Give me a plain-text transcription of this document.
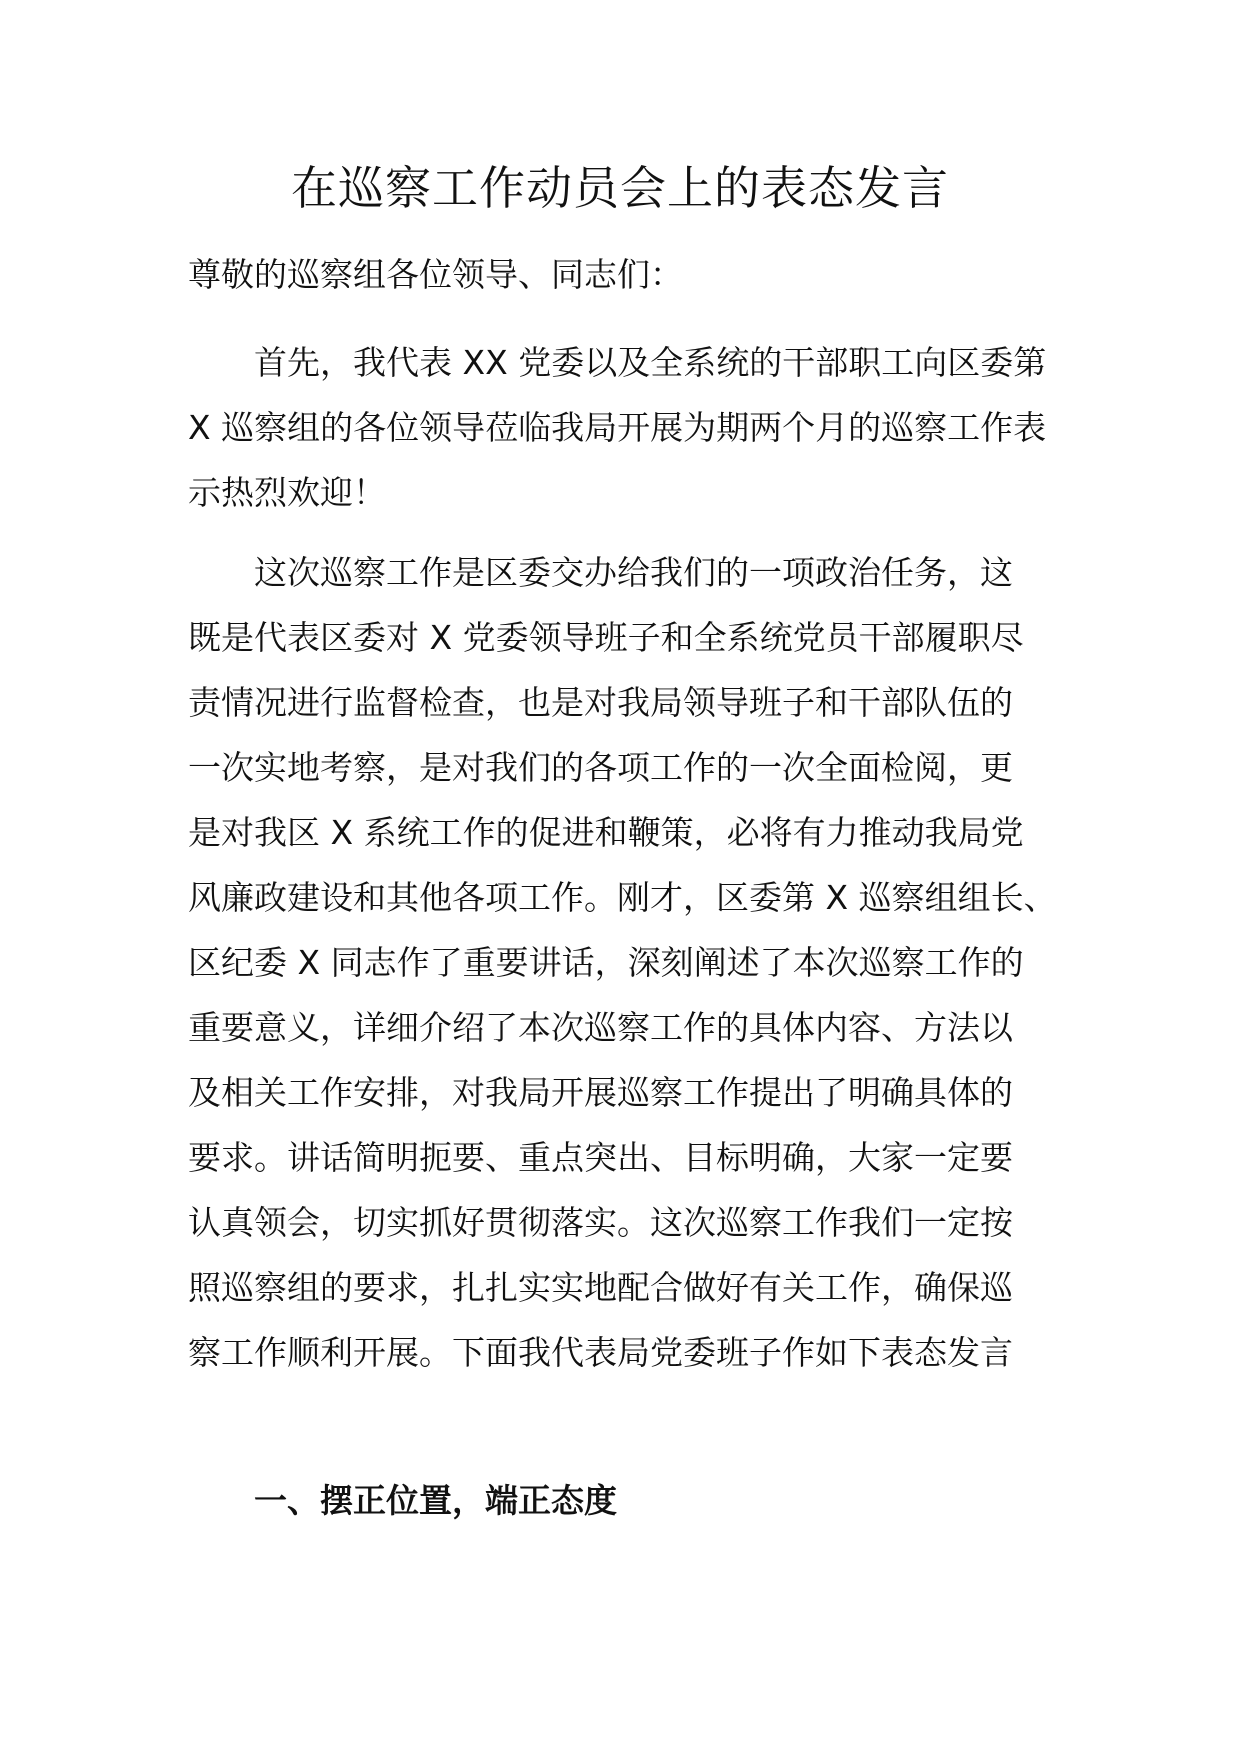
在巡察工作动员会上的表态发言
尊敬的巡察组各位领导、同志们：
首先，我代表 XX 党委以及全系统的干部职工向区委第
X 巡察组的各位领导莅临我局开展为期两个月的巡察工作表
示热烈欢迎！
这次巡察工作是区委交办给我们的一项政治任务，这
既是代表区委对 X 党委领导班子和全系统党员干部履职尽
责情况进行监督检查，也是对我局领导班子和干部队伍的
一次实地考察，是对我们的各项工作的一次全面检阅，更
是对我区 X 系统工作的促进和鞭策，必将有力推动我局党
风廉政建设和其他各项工作。刚才，区委第 X 巡察组组长、
区纪委 X 同志作了重要讲话，深刻阐述了本次巡察工作的
重要意义，详细介绍了本次巡察工作的具体内容、方法以
及相关工作安排，对我局开展巡察工作提出了明确具体的
要求。讲话简明扼要、重点突出、目标明确，大家一定要
认真领会，切实抓好贯彻落实。这次巡察工作我们一定按
照巡察组的要求，扎扎实实地配合做好有关工作，确保巡
察工作顺利开展。下面我代表局党委班子作如下表态发言
一、摆正位置，端正态度
